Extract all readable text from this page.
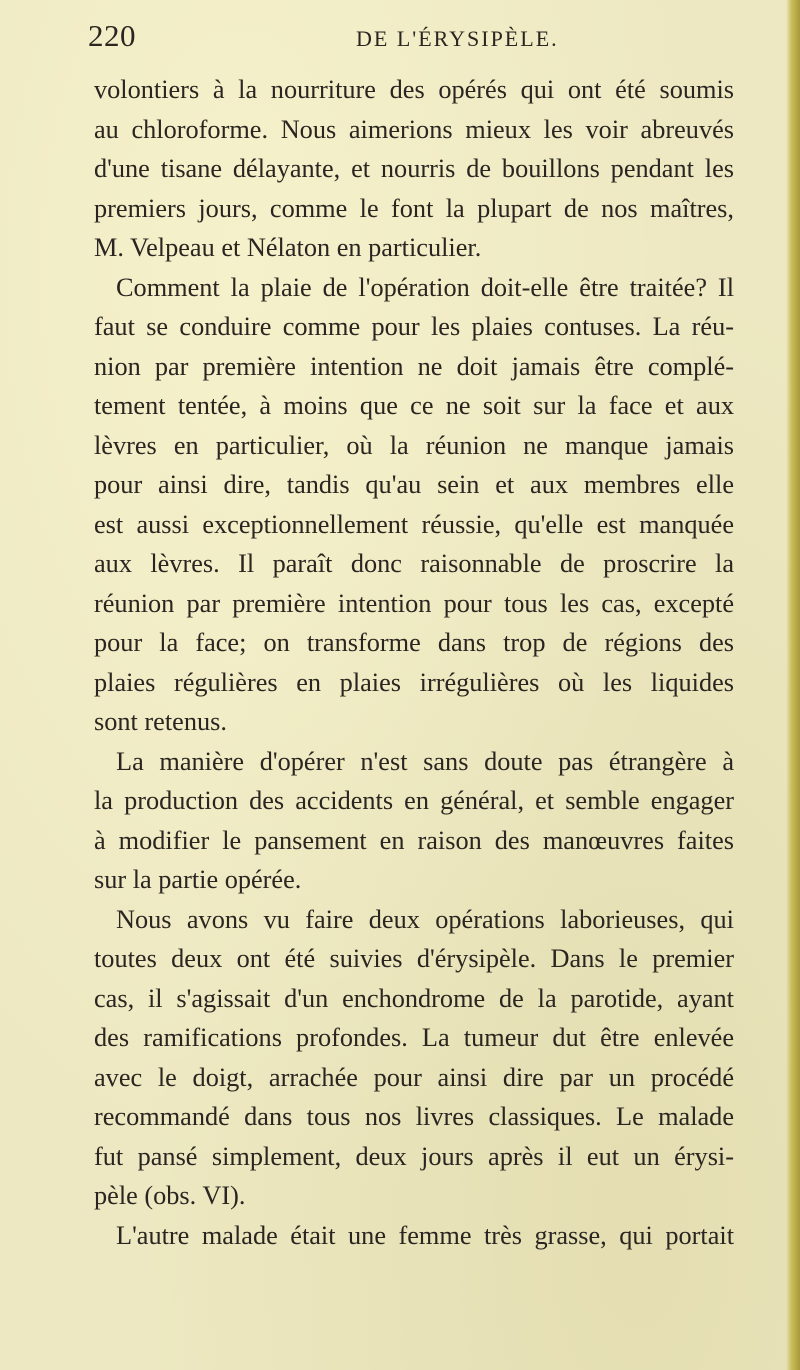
220	DE L'ÉRYSIPÈLE.
volontiers à la nourriture des opérés qui ont été soumis
au chloroforme. Nous aimerions mieux les voir abreuvés
d'une tisane délayante, et nourris de bouillons pendant les
premiers jours, comme le font la plupart de nos maîtres,
M. Velpeau et Nélaton en particulier.
Comment la plaie de l'opération doit-elle être traitée? Il
faut se conduire comme pour les plaies contuses. La réu-
nion par première intention ne doit jamais être complé-
tement tentée, à moins que ce ne soit sur la face et aux
lèvres en particulier, où la réunion ne manque jamais
pour ainsi dire, tandis qu'au sein et aux membres elle
est aussi exceptionnellement réussie, qu'elle est manquée
aux lèvres. Il paraît donc raisonnable de proscrire la
réunion par première intention pour tous les cas, excepté
pour la face; on transforme dans trop de régions des
plaies régulières en plaies irrégulières où les liquides
sont retenus.
La manière d'opérer n'est sans doute pas étrangère à
la production des accidents en général, et semble engager
à modifier le pansement en raison des manœuvres faites
sur la partie opérée.
Nous avons vu faire deux opérations laborieuses, qui
toutes deux ont été suivies d'érysipèle. Dans le premier
cas, il s'agissait d'un enchondrome de la parotide, ayant
des ramifications profondes. La tumeur dut être enlevée
avec le doigt, arrachée pour ainsi dire par un procédé
recommandé dans tous nos livres classiques. Le malade
fut pansé simplement, deux jours après il eut un érysi-
pèle (obs. VI).
L'autre malade était une femme très grasse, qui portait
